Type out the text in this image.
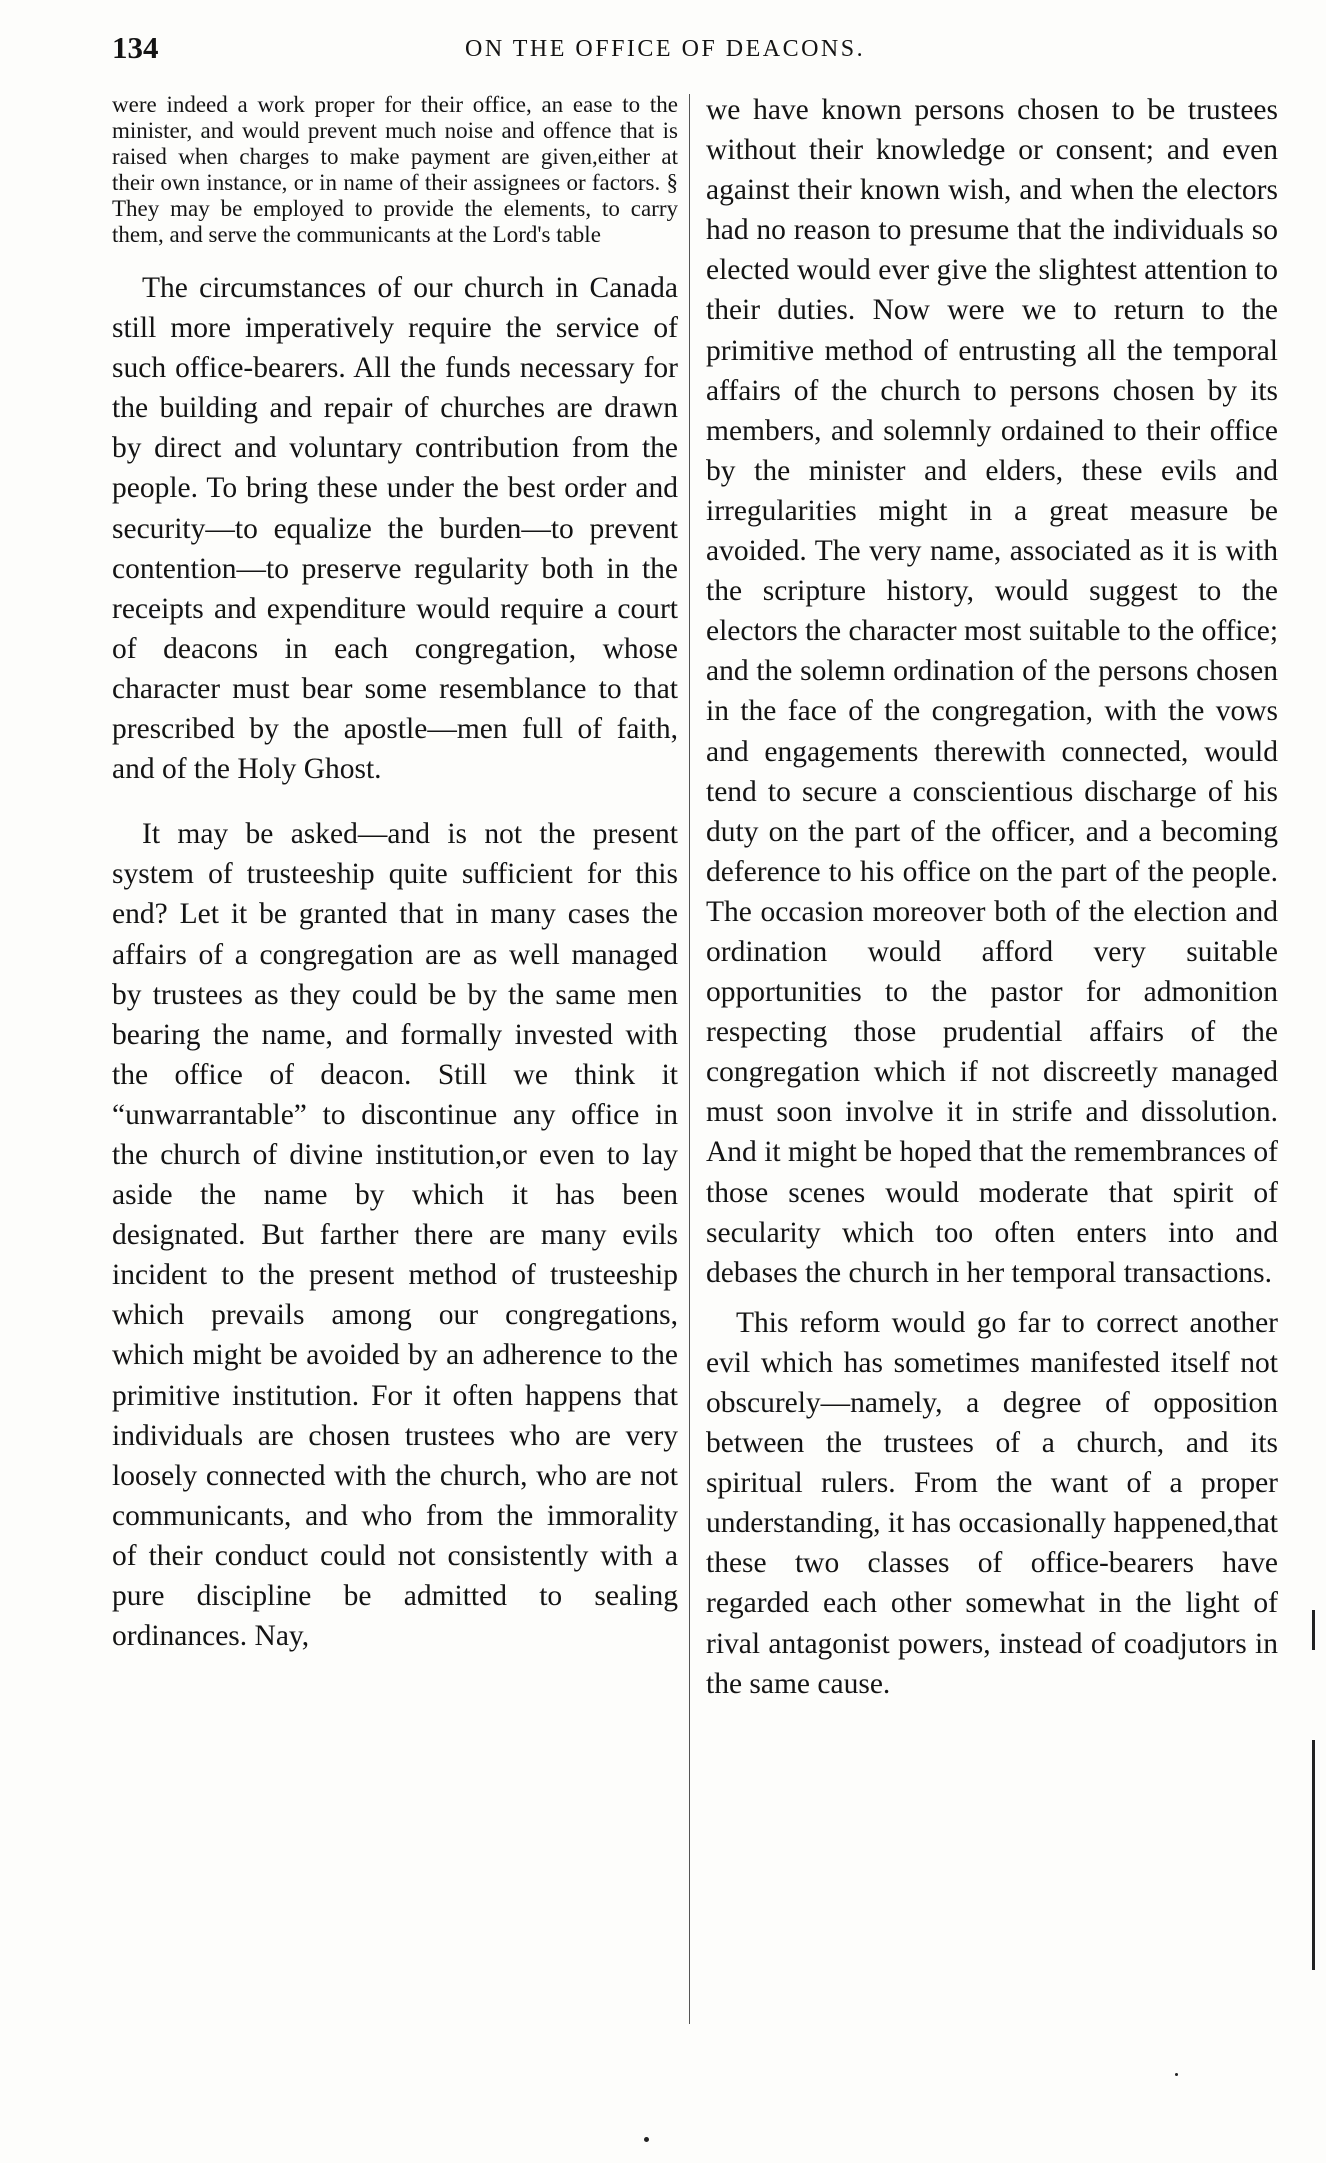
134	ON THE OFFICE OF DEACONS.

were indeed a work proper for their office, an ease to the minister, and would prevent much noise and offence that is raised when charges to make payment are given,either at their own instance, or in name of their assignees or factors. § They may be employed to provide the elements, to carry them, and serve the communicants at the Lord's table

The circumstances of our church in Canada still more imperatively require the service of such office-bearers. All the funds necessary for the building and repair of churches are drawn by direct and voluntary contribution from the people. To bring these under the best order and security—to equalize the burden—to prevent contention—to preserve regularity both in the receipts and expenditure would require a court of deacons in each congregation, whose character must bear some resemblance to that prescribed by the apostle—men full of faith, and of the Holy Ghost.

It may be asked—and is not the present system of trusteeship quite sufficient for this end? Let it be granted that in many cases the affairs of a congregation are as well managed by trustees as they could be by the same men bearing the name, and formally invested with the office of deacon. Still we think it “unwarrantable” to discontinue any office in the church of divine institution,or even to lay aside the name by which it has been designated. But farther there are many evils incident to the present method of trusteeship which prevails among our congregations, which might be avoided by an adherence to the primitive institution. For it often happens that individuals are chosen trustees who are very loosely connected with the church, who are not communicants, and who from the immorality of their conduct could not consistently with a pure discipline be admitted to sealing ordinances. Nay,

we have known persons chosen to be trustees without their knowledge or consent; and even against their known wish, and when the electors had no reason to presume that the individuals so elected would ever give the slightest attention to their duties. Now were we to return to the primitive method of entrusting all the temporal affairs of the church to persons chosen by its members, and solemnly ordained to their office by the minister and elders, these evils and irregularities might in a great measure be avoided. The very name, associated as it is with the scripture history, would suggest to the electors the character most suitable to the office; and the solemn ordination of the persons chosen in the face of the congregation, with the vows and engagements therewith connected, would tend to secure a conscientious discharge of his duty on the part of the officer, and a becoming deference to his office on the part of the people. The occasion moreover both of the election and ordination would afford very suitable opportunities to the pastor for admonition respecting those prudential affairs of the congregation which if not discreetly managed must soon involve it in strife and dissolution. And it might be hoped that the remembrances of those scenes would moderate that spirit of secularity which too often enters into and debases the church in her temporal transactions.

This reform would go far to correct another evil which has sometimes manifested itself not obscurely—namely, a degree of opposition between the trustees of a church, and its spiritual rulers. From the want of a proper understanding, it has occasionally happened,that these two classes of office-bearers have regarded each other somewhat in the light of rival antagonist powers, instead of coadjutors in the same cause.
